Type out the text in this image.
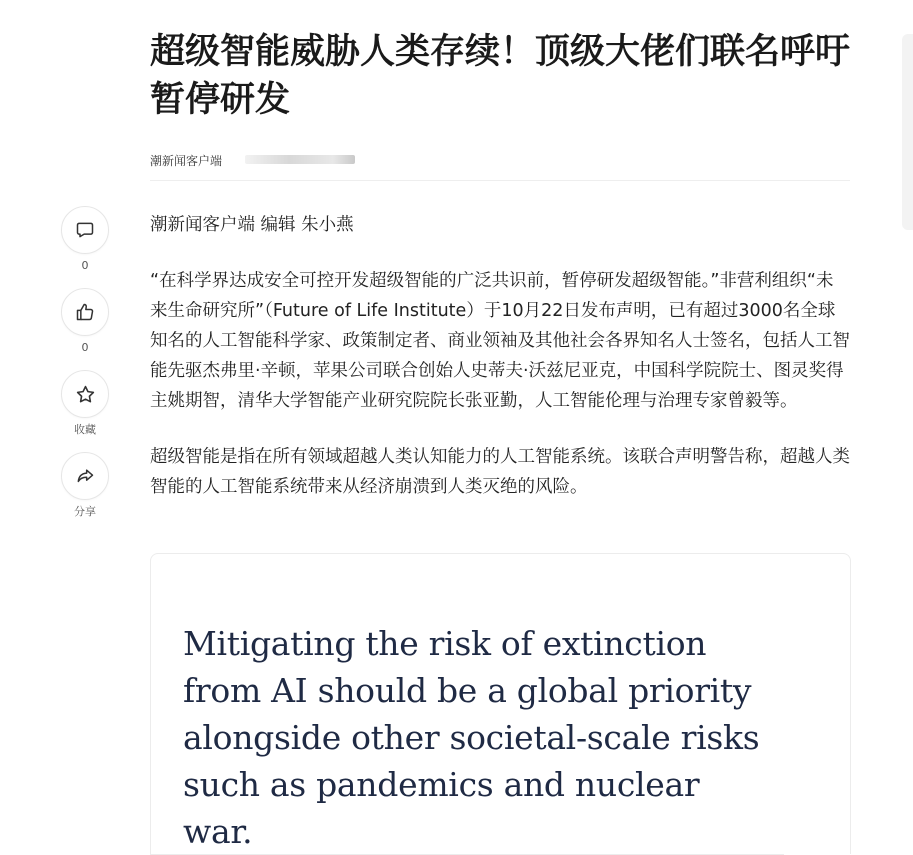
超级智能威胁人类存续！顶级大佬们联名呼吁暂停研发
潮新闻客户端
0
0
收藏
分享

潮新闻客户端 编辑 朱小燕

“在科学界达成安全可控开发超级智能的广泛共识前，暂停研发超级智能。”非营利组织“未来生命研究所”（Future of Life Institute）于10月22日发布声明，已有超过3000名全球知名的人工智能科学家、政策制定者、商业领袖及其他社会各界知名人士签名，包括人工智能先驱杰弗里·辛顿，苹果公司联合创始人史蒂夫·沃兹尼亚克，中国科学院院士、图灵奖得主姚期智，清华大学智能产业研究院院长张亚勤，人工智能伦理与治理专家曾毅等。

超级智能是指在所有领域超越人类认知能力的人工智能系统。该联合声明警告称，超越人类智能的人工智能系统带来从经济崩溃到人类灭绝的风险。

Mitigating the risk of extinction from AI should be a global priority alongside other societal-scale risks such as pandemics and nuclear war.
